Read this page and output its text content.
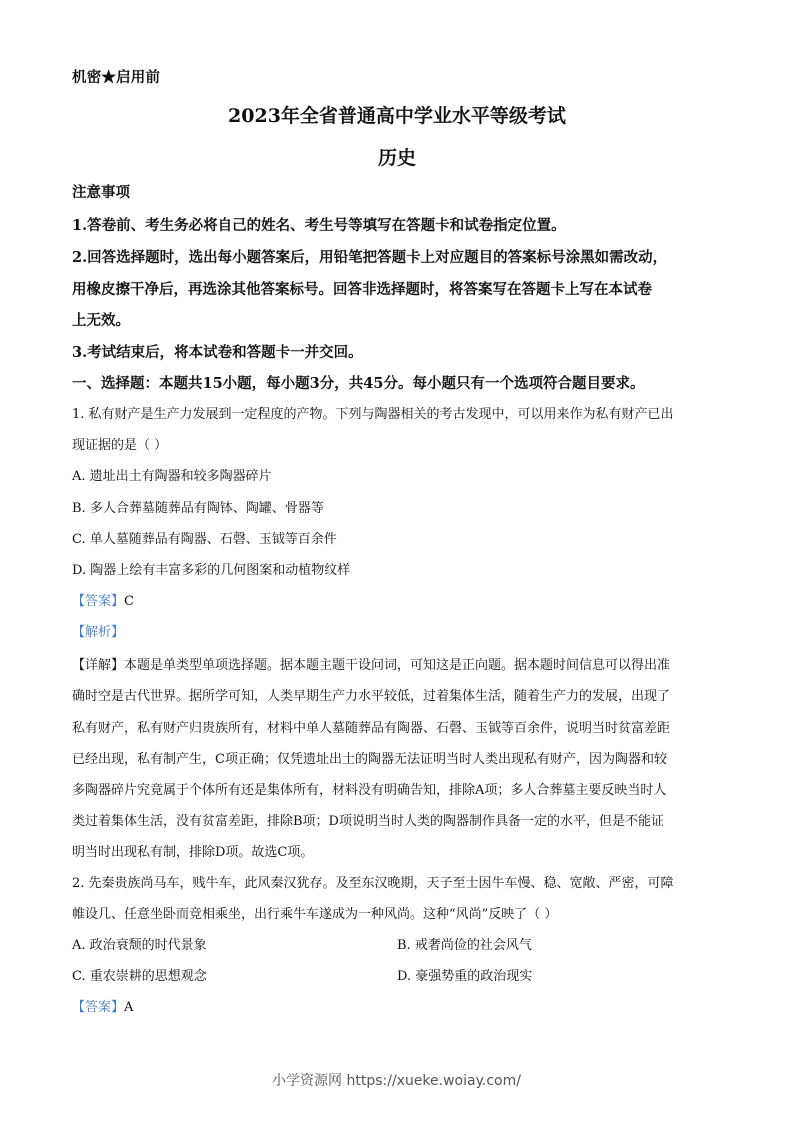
机密★启用前
2023年全省普通高中学业水平等级考试
历史
注意事项
1.答卷前、考生务必将自己的姓名、考生号等填写在答题卡和试卷指定位置。
2.回答选择题时，选出每小题答案后，用铅笔把答题卡上对应题目的答案标号涂黑如需改动，
用橡皮擦干净后，再选涂其他答案标号。回答非选择题时，将答案写在答题卡上写在本试卷
上无效。
3.考试结束后，将本试卷和答题卡一并交回。
一、选择题：本题共15小题，每小题3分，共45分。每小题只有一个选项符合题目要求。
1. 私有财产是生产力发展到一定程度的产物。下列与陶器相关的考古发现中，可以用来作为私有财产已出
现证据的是（ ）
A. 遗址出土有陶器和较多陶器碎片
B. 多人合葬墓随葬品有陶钵、陶罐、骨器等
C. 单人墓随葬品有陶器、石磬、玉钺等百余件
D. 陶器上绘有丰富多彩的几何图案和动植物纹样
【答案】C
【解析】
【详解】本题是单类型单项选择题。据本题主题干设问词，可知这是正向题。据本题时间信息可以得出准
确时空是古代世界。据所学可知，人类早期生产力水平较低，过着集体生活，随着生产力的发展，出现了
私有财产，私有财产归贵族所有，材料中单人墓随葬品有陶器、石磬、玉钺等百余件，说明当时贫富差距
已经出现，私有制产生，C项正确；仅凭遗址出土的陶器无法证明当时人类出现私有财产，因为陶器和较
多陶器碎片究竟属于个体所有还是集体所有，材料没有明确告知，排除A项；多人合葬墓主要反映当时人
类过着集体生活，没有贫富差距，排除B项；D项说明当时人类的陶器制作具备一定的水平，但是不能证
明当时出现私有制，排除D项。故选C项。
2. 先秦贵族尚马车，贱牛车，此风秦汉犹存。及至东汉晚期，天子至士因牛车慢、稳、宽敞、严密，可障
帷设几、任意坐卧而竞相乘坐，出行乘牛车遂成为一种风尚。这种“风尚”反映了（ ）
A. 政治衰颓的时代景象	B. 戒奢尚俭的社会风气
C. 重农崇耕的思想观念	D. 豪强势重的政治现实
【答案】A
小学资源网 https://xueke.woiay.com/
